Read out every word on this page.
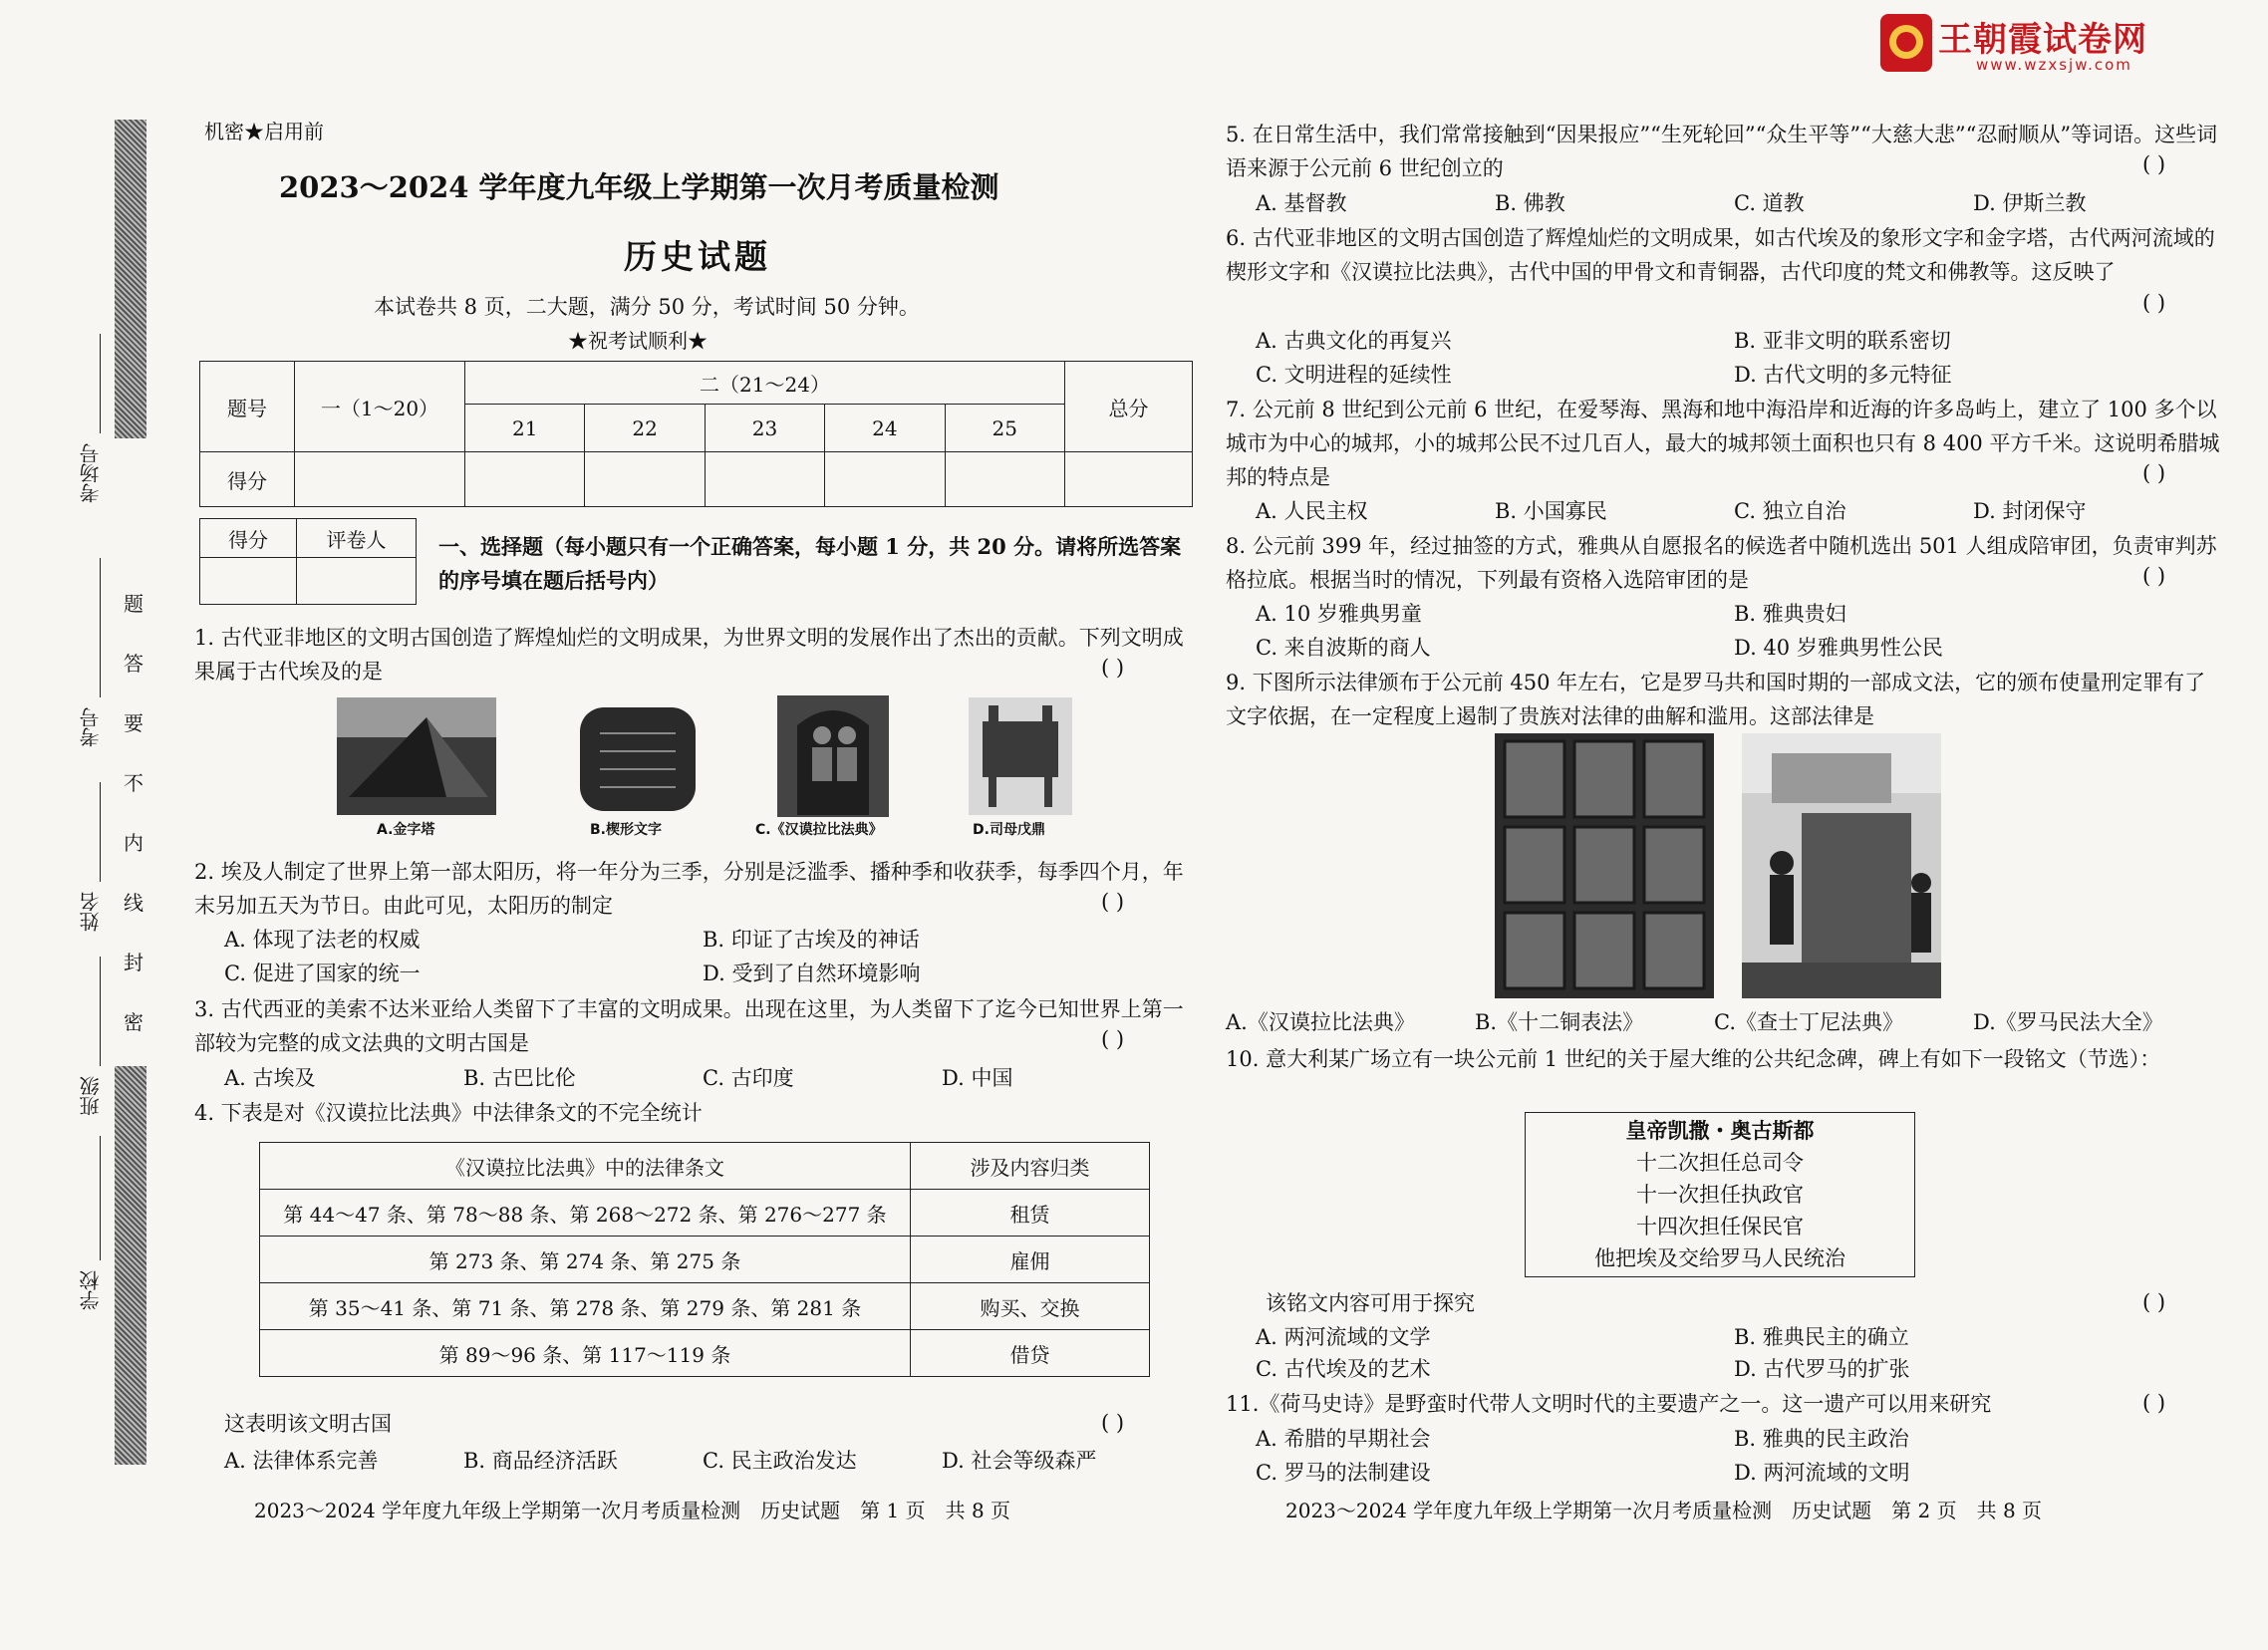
王朝霞试卷网
www.wzxsjw.com
题
答
要
不
内
线
封
密
考场号
考号
姓名
班级
学校
机密★启用前
2023～2024 学年度九年级上学期第一次月考质量检测
历史试题
本试卷共 8 页，二大题，满分 50 分，考试时间 50 分钟。
★祝考试顺利★
题号	一（1～20）	二（21～24）					总分
		21	22	23	24	25	
得分							
得分	评卷人
		一、选择题（每小题只有一个正确答案，每小题 1 分，共 20 分。请将所选答案的序号填在题后括号内）
1. 古代亚非地区的文明古国创造了辉煌灿烂的文明成果，为世界文明的发展作出了杰出的贡献。下列文明成果属于古代埃及的是	( )
A.金字塔	B.楔形文字	C.《汉谟拉比法典》	D.司母戊鼎
2. 埃及人制定了世界上第一部太阳历，将一年分为三季，分别是泛滥季、播种季和收获季，每季四个月，年末另加五天为节日。由此可见，太阳历的制定	( )
A. 体现了法老的权威	B. 印证了古埃及的神话
C. 促进了国家的统一	D. 受到了自然环境影响
3. 古代西亚的美索不达米亚给人类留下了丰富的文明成果。出现在这里，为人类留下了迄今已知世界上第一部较为完整的成文法典的文明古国是	( )
A. 古埃及	B. 古巴比伦	C. 古印度	D. 中国
4. 下表是对《汉谟拉比法典》中法律条文的不完全统计
《汉谟拉比法典》中的法律条文	涉及内容归类
第 44～47 条、第 78～88 条、第 268～272 条、第 276～277 条	租赁
第 273 条、第 274 条、第 275 条	雇佣
第 35～41 条、第 71 条、第 278 条、第 279 条、第 281 条	购买、交换
第 89～96 条、第 117～119 条	借贷
这表明该文明古国	( )
A. 法律体系完善	B. 商品经济活跃	C. 民主政治发达	D. 社会等级森严
2023～2024 学年度九年级上学期第一次月考质量检测　历史试题　第 1 页　共 8 页
5. 在日常生活中，我们常常接触到“因果报应”“生死轮回”“众生平等”“大慈大悲”“忍耐顺从”等词语。这些词语来源于公元前 6 世纪创立的	( )
A. 基督教	B. 佛教	C. 道教	D. 伊斯兰教
6. 古代亚非地区的文明古国创造了辉煌灿烂的文明成果，如古代埃及的象形文字和金字塔，古代两河流域的楔形文字和《汉谟拉比法典》，古代中国的甲骨文和青铜器，古代印度的梵文和佛教等。这反映了
( )
A. 古典文化的再复兴	B. 亚非文明的联系密切
C. 文明进程的延续性	D. 古代文明的多元特征
7. 公元前 8 世纪到公元前 6 世纪，在爱琴海、黑海和地中海沿岸和近海的许多岛屿上，建立了 100 多个以城市为中心的城邦，小的城邦公民不过几百人，最大的城邦领土面积也只有 8 400 平方千米。这说明希腊城邦的特点是	( )
A. 人民主权	B. 小国寡民	C. 独立自治	D. 封闭保守
8. 公元前 399 年，经过抽签的方式，雅典从自愿报名的候选者中随机选出 501 人组成陪审团，负责审判苏格拉底。根据当时的情况，下列最有资格入选陪审团的是	( )
A. 10 岁雅典男童	B. 雅典贵妇
C. 来自波斯的商人	D. 40 岁雅典男性公民
9. 下图所示法律颁布于公元前 450 年左右，它是罗马共和国时期的一部成文法，它的颁布使量刑定罪有了文字依据，在一定程度上遏制了贵族对法律的曲解和滥用。这部法律是
A.《汉谟拉比法典》	B.《十二铜表法》	C.《查士丁尼法典》	D.《罗马民法大全》
10. 意大利某广场立有一块公元前 1 世纪的关于屋大维的公共纪念碑，碑上有如下一段铭文（节选）：
皇帝凯撒・奥古斯都
十二次担任总司令
十一次担任执政官
十四次担任保民官
他把埃及交给罗马人民统治
该铭文内容可用于探究	( )
A. 两河流域的文学	B. 雅典民主的确立
C. 古代埃及的艺术	D. 古代罗马的扩张
11.《荷马史诗》是野蛮时代带人文明时代的主要遗产之一。这一遗产可以用来研究	( )
A. 希腊的早期社会	B. 雅典的民主政治
C. 罗马的法制建设	D. 两河流域的文明
2023～2024 学年度九年级上学期第一次月考质量检测　历史试题　第 2 页　共 8 页
